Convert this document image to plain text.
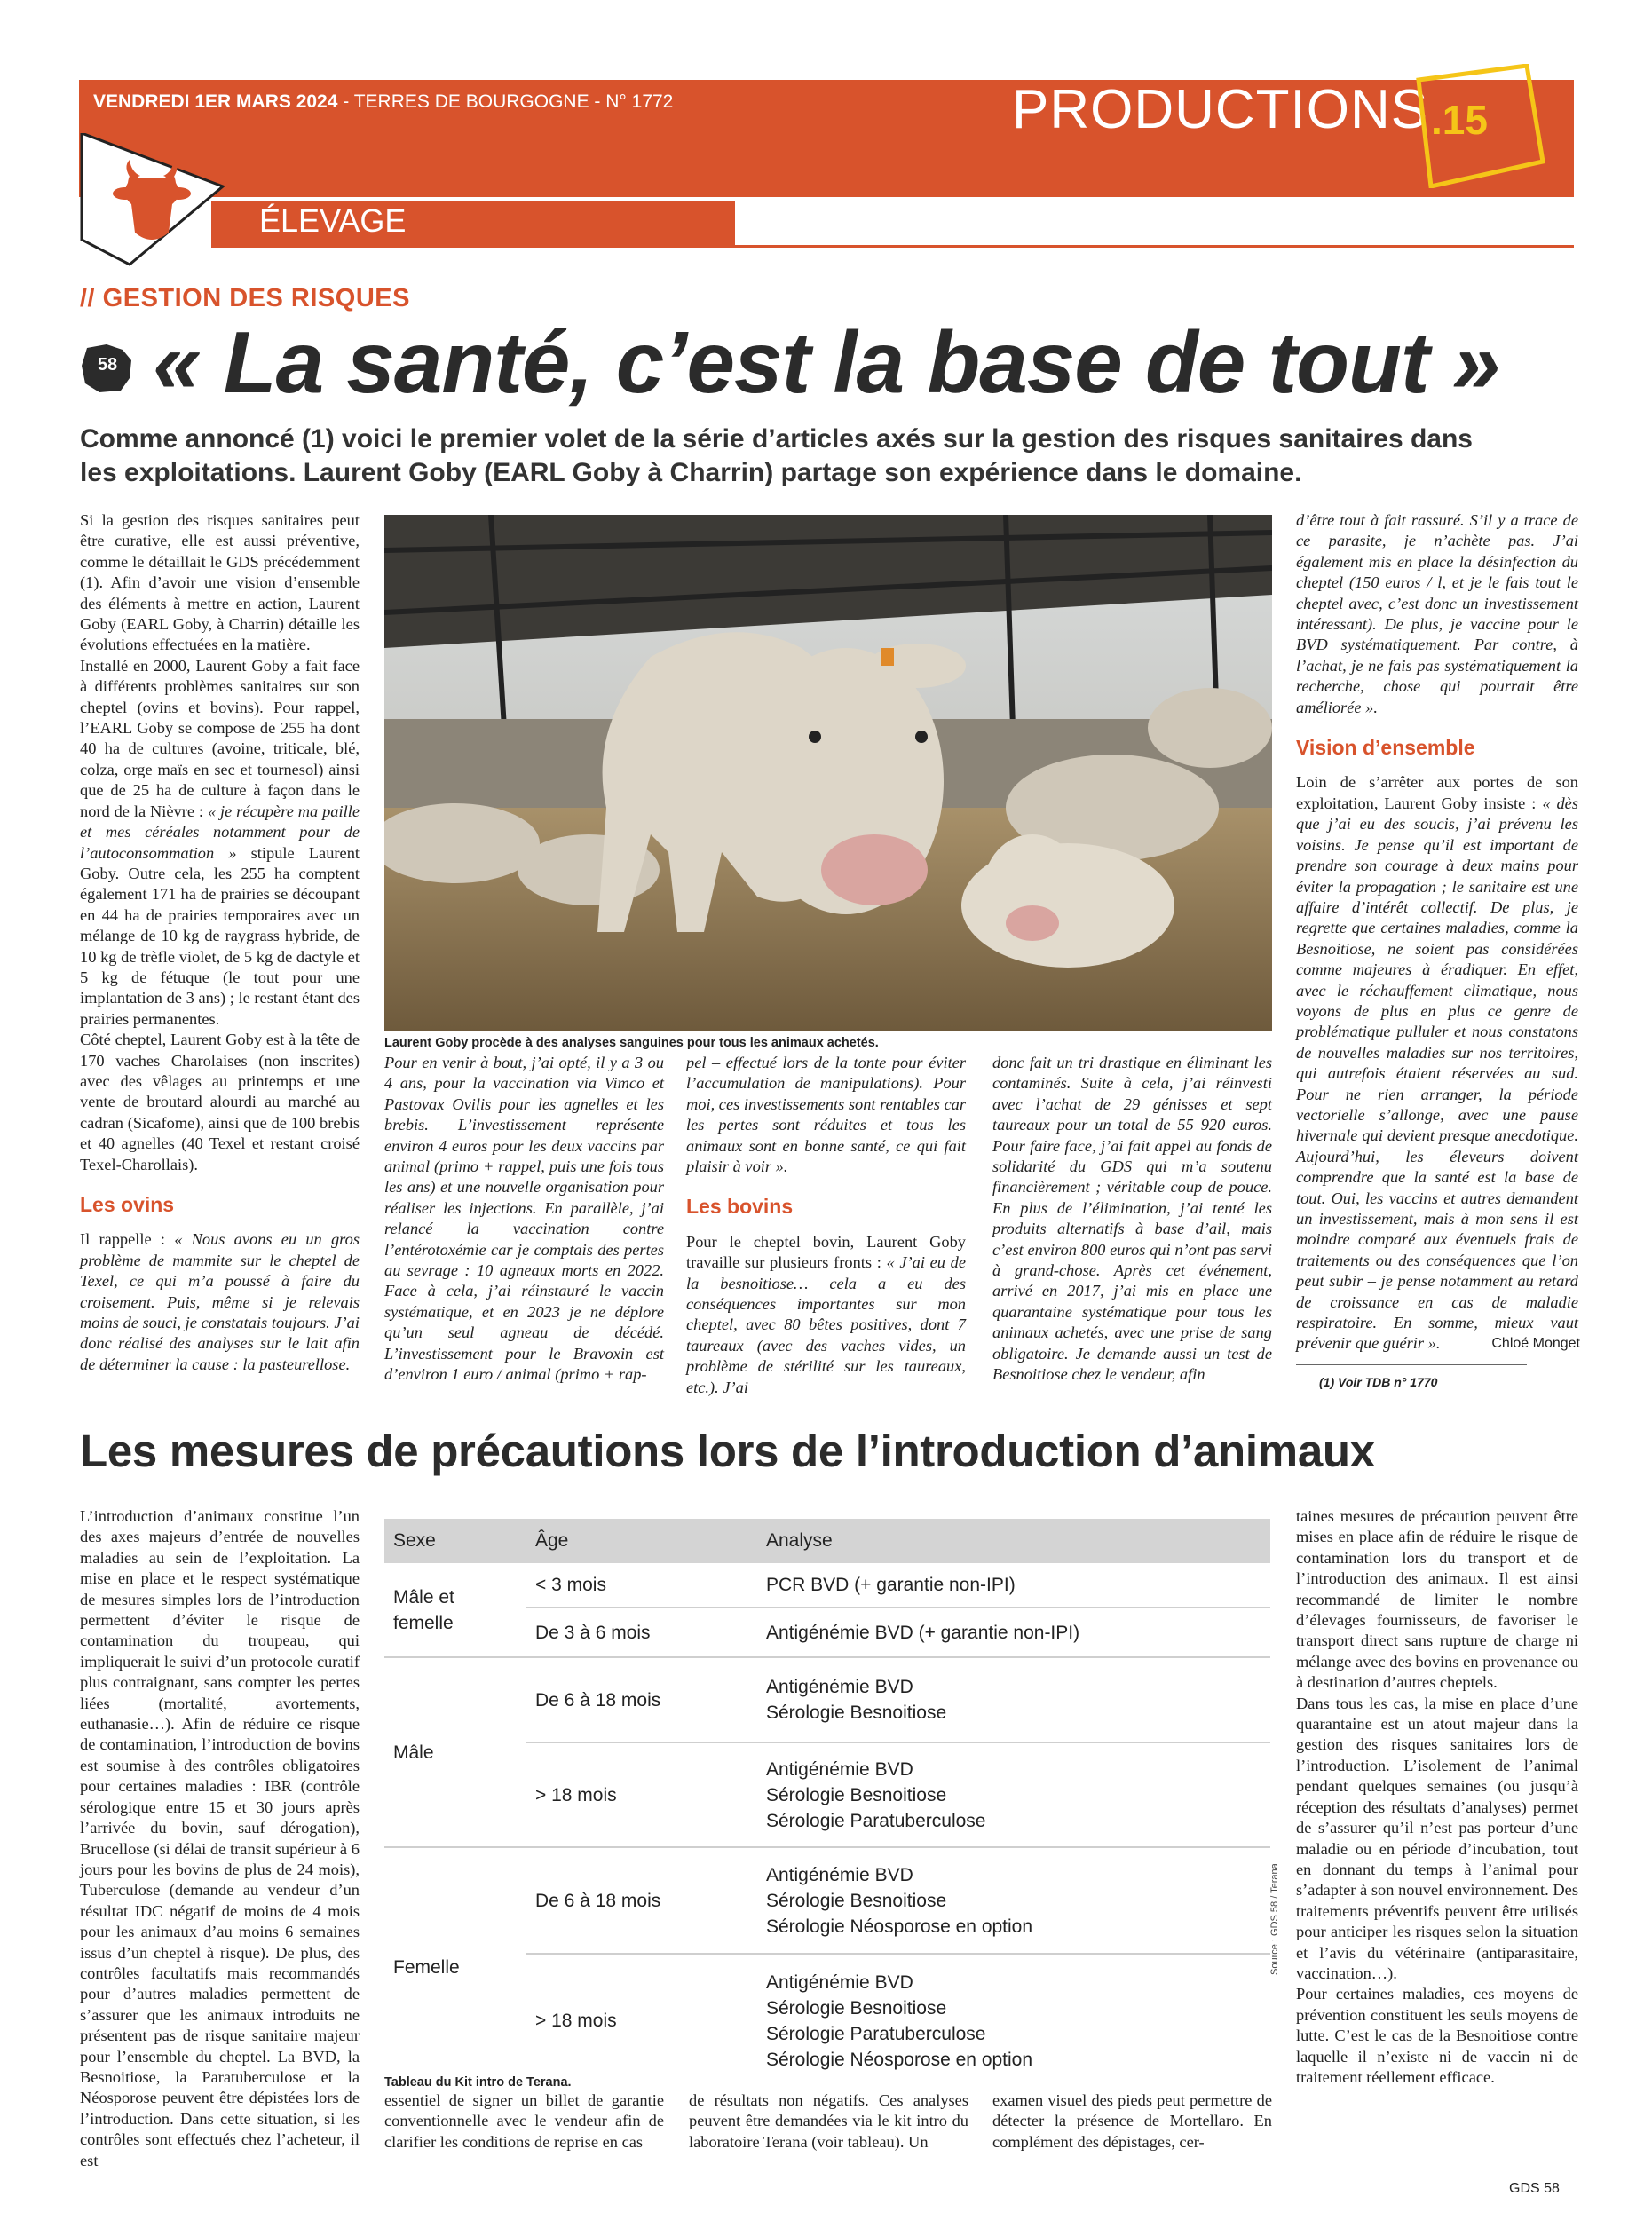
VENDREDI 1ER MARS 2024 - TERRES DE BOURGOGNE - N° 1772	PRODUCTIONS .15
ÉLEVAGE
// GESTION DES RISQUES
58 « La santé, c’est la base de tout »
Comme annoncé (1) voici le premier volet de la série d’articles axés sur la gestion des risques sanitaires dans les exploitations. Laurent Goby (EARL Goby à Charrin) partage son expérience dans le domaine.

Si la gestion des risques sanitaires peut être curative, elle est aussi préventive, comme le détaillait le GDS précédemment (1). Afin d’avoir une vision d’ensemble des éléments à mettre en action, Laurent Goby (EARL Goby, à Charrin) détaille les évolutions effectuées en la matière.

Installé en 2000, Laurent Goby a fait face à différents problèmes sanitaires sur son cheptel (ovins et bovins). Pour rappel, l’EARL Goby se compose de 255 ha dont 40 ha de cultures (avoine, triticale, blé, colza, orge maïs en sec et tournesol) ainsi que de 25 ha de culture à façon dans le nord de la Nièvre : « je récupère ma paille et mes céréales notamment pour de l’autoconsommation » stipule Laurent Goby. Outre cela, les 255 ha comptent également 171 ha de prairies se découpant en 44 ha de prairies temporaires avec un mélange de 10 kg de raygrass hybride, de 10 kg de trèfle violet, de 5 kg de dactyle et 5 kg de fétuque (le tout pour une implantation de 3 ans) ; le restant étant des prairies permanentes.

Côté cheptel, Laurent Goby est à la tête de 170 vaches Charolaises (non inscrites) avec des vêlages au printemps et une vente de broutard alourdi au marché au cadran (Sicafome), ainsi que de 100 brebis et 40 agnelles (40 Texel et restant croisé Texel-Charollais).

Les ovins

Il rappelle : « Nous avons eu un gros problème de mammite sur le cheptel de Texel, ce qui m’a poussé à faire du croisement. Puis, même si je relevais moins de souci, je constatais toujours. J’ai donc réalisé des analyses sur le lait afin de déterminer la cause : la pasteurellose.

Laurent Goby procède à des analyses sanguines pour tous les animaux achetés.

Pour en venir à bout, j’ai opté, il y a 3 ou 4 ans, pour la vaccination via Vimco et Pastovax Ovilis pour les agnelles et les brebis. L’investissement représente environ 4 euros pour les deux vaccins par animal (primo + rappel, puis une fois tous les ans) et une nouvelle organisation pour réaliser les injections. En parallèle, j’ai relancé la vaccination contre l’entérotoxémie car je comptais des pertes au sevrage : 10 agneaux morts en 2022. Face à cela, j’ai réinstauré le vaccin systématique, et en 2023 je ne déplore qu’un seul agneau de décédé. L’investissement pour le Bravoxin est d’environ 1 euro / animal (primo + rap-

pel – effectué lors de la tonte pour éviter l’accumulation de manipulations). Pour moi, ces investissements sont rentables car les pertes sont réduites et tous les animaux sont en bonne santé, ce qui fait plaisir à voir ».

Les bovins

Pour le cheptel bovin, Laurent Goby travaille sur plusieurs fronts : « J’ai eu de la besnoitiose… cela a eu des conséquences importantes sur mon cheptel, avec 80 bêtes positives, dont 7 taureaux (avec des vaches vides, un problème de stérilité sur les taureaux, etc.). J’ai

donc fait un tri drastique en éliminant les contaminés. Suite à cela, j’ai réinvesti avec l’achat de 29 génisses et sept taureaux pour un total de 55 920 euros. Pour faire face, j’ai fait appel au fonds de solidarité du GDS qui m’a soutenu financièrement ; véritable coup de pouce. En plus de l’élimination, j’ai tenté les produits alternatifs à base d’ail, mais c’est environ 800 euros qui n’ont pas servi à grand-chose. Après cet événement, arrivé en 2017, j’ai mis en place une quarantaine systématique pour tous les animaux achetés, avec une prise de sang obligatoire. Je demande aussi un test de Besnoitiose chez le vendeur, afin

d’être tout à fait rassuré. S’il y a trace de ce parasite, je n’achète pas. J’ai également mis en place la désinfection du cheptel (150 euros / l, et je le fais tout le cheptel avec, c’est donc un investissement intéressant). De plus, je vaccine pour le BVD systématiquement. Par contre, à l’achat, je ne fais pas systématiquement la recherche, chose qui pourrait être améliorée ».

Vision d’ensemble

Loin de s’arrêter aux portes de son exploitation, Laurent Goby insiste : « dès que j’ai eu des soucis, j’ai prévenu les voisins. Je pense qu’il est important de prendre son courage à deux mains pour éviter la propagation ; le sanitaire est une affaire d’intérêt collectif. De plus, je regrette que certaines maladies, comme la Besnoitiose, ne soient pas considérées comme majeures à éradiquer. En effet, avec le réchauffement climatique, nous voyons de plus en plus ce genre de problématique pulluler et nous constatons de nouvelles maladies sur nos territoires, qui autrefois étaient réservées au sud. Pour ne rien arranger, la période vectorielle s’allonge, avec une pause hivernale qui devient presque anecdotique. Aujourd’hui, les éleveurs doivent comprendre que la santé est la base de tout. Oui, les vaccins et autres demandent un investissement, mais à mon sens il est moindre comparé aux éventuels frais de traitements ou des conséquences que l’on peut subir – je pense notamment au retard de croissance en cas de maladie respiratoire. En somme, mieux vaut prévenir que guérir ».	Chloé Monget
(1) Voir TDB n° 1770
Les mesures de précautions lors de l’introduction d’animaux

L’introduction d’animaux constitue l’un des axes majeurs d’entrée de nouvelles maladies au sein de l’exploitation. La mise en place et le respect systématique de mesures simples lors de l’introduction permettent d’éviter le risque de contamination du troupeau, qui impliquerait le suivi d’un protocole curatif plus contraignant, sans compter les pertes liées (mortalité, avortements, euthanasie…). Afin de réduire ce risque de contamination, l’introduction de bovins est soumise à des contrôles obligatoires pour certaines maladies : IBR (contrôle sérologique entre 15 et 30 jours après l’arrivée du bovin, sauf dérogation), Brucellose (si délai de transit supérieur à 6 jours pour les bovins de plus de 24 mois), Tuberculose (demande au vendeur d’un résultat IDC négatif de moins de 4 mois pour les animaux d’au moins 6 semaines issus d’un cheptel à risque). De plus, des contrôles facultatifs mais recommandés pour d’autres maladies permettent de s’assurer que les animaux introduits ne présentent pas de risque sanitaire majeur pour l’ensemble du cheptel. La BVD, la Besnoitiose, la Paratuberculose et la Néosporose peuvent être dépistées lors de l’introduction. Dans cette situation, si les contrôles sont effectués chez l’acheteur, il est

Sexe	Âge	Analyse
Mâle et femelle	< 3 mois	PCR BVD (+ garantie non-IPI)

	De 3 à 6 mois	Antigénémie BVD (+ garantie non-IPI)

Mâle	De 6 à 18 mois	Antigénémie BVD
Sérologie Besnoitiose

	> 18 mois	Antigénémie BVD
Sérologie Besnoitiose
Sérologie Paratuberculose

Femelle	De 6 à 18 mois	Antigénémie BVD
Sérologie Besnoitiose
Sérologie Néosporose en option

	> 18 mois	Antigénémie BVD
Sérologie Besnoitiose
Sérologie Paratuberculose
Sérologie Néosporose en option
Source : GDS 58 / Terana
Tableau du Kit intro de Terana.

essentiel de signer un billet de garantie conventionnelle avec le vendeur afin de clarifier les conditions de reprise en cas

de résultats non négatifs. Ces analyses peuvent être demandées via le kit intro du laboratoire Terana (voir tableau). Un

examen visuel des pieds peut permettre de détecter la présence de Mortellaro. En complément des dépistages, cer-

taines mesures de précaution peuvent être mises en place afin de réduire le risque de contamination lors du transport et de l’introduction des animaux. Il est ainsi recommandé de limiter le nombre d’élevages fournisseurs, de favoriser le transport direct sans rupture de charge ni mélange avec des bovins en provenance ou à destination d’autres cheptels.

Dans tous les cas, la mise en place d’une quarantaine est un atout majeur dans la gestion des risques sanitaires lors de l’introduction. L’isolement de l’animal pendant quelques semaines (ou jusqu’à réception des résultats d’analyses) permet de s’assurer qu’il n’est pas porteur d’une maladie ou en période d’incubation, tout en donnant du temps à l’animal pour s’adapter à son nouvel environnement. Des traitements préventifs peuvent être utilisés pour anticiper les risques selon la situation et l’avis du vétérinaire (antiparasitaire, vaccination…).

Pour certaines maladies, ces moyens de prévention constituent les seuls moyens de lutte. C’est le cas de la Besnoitiose contre laquelle il n’existe ni de vaccin ni de traitement réellement efficace.

GDS 58
